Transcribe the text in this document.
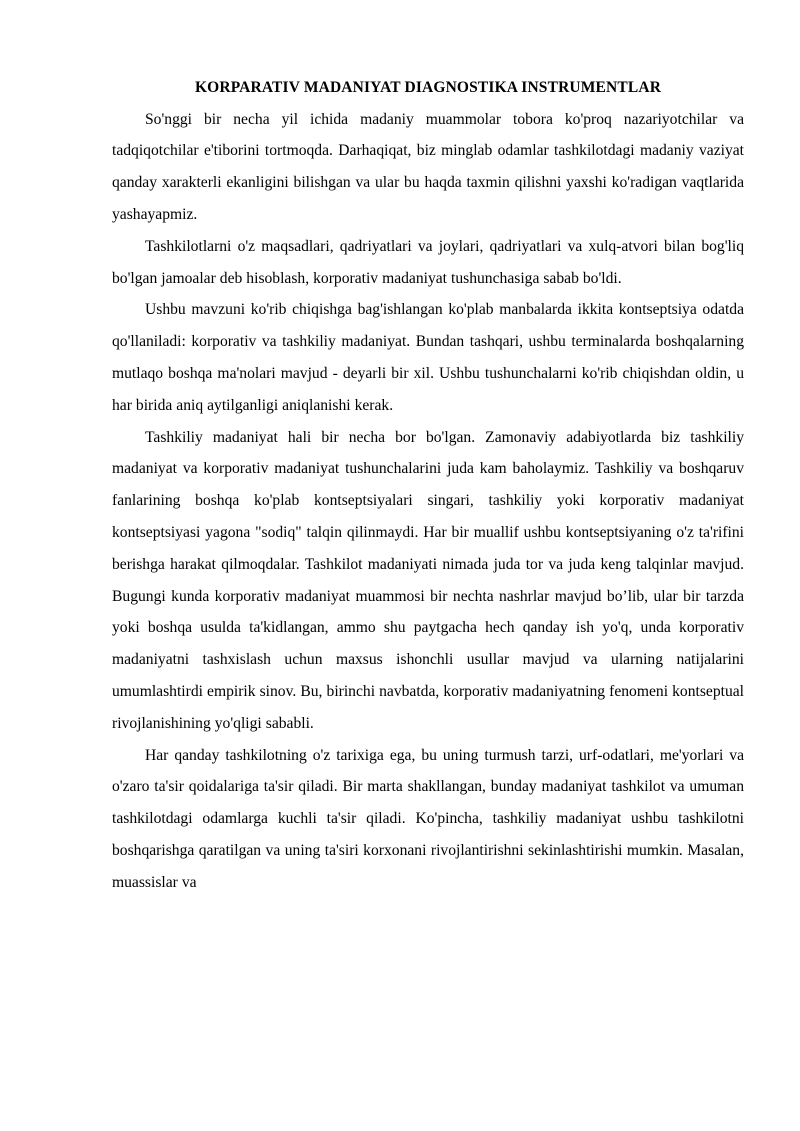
KORPARATIV MADANIYAT DIAGNOSTIKA INSTRUMENTLAR

So'nggi bir necha yil ichida madaniy muammolar tobora ko'proq nazariyotchilar va tadqiqotchilar e'tiborini tortmoqda. Darhaqiqat, biz minglab odamlar tashkilotdagi madaniy vaziyat qanday xarakterli ekanligini bilishgan va ular bu haqda taxmin qilishni yaxshi ko'radigan vaqtlarida yashayapmiz.

Tashkilotlarni o'z maqsadlari, qadriyatlari va joylari, qadriyatlari va xulq-atvori bilan bog'liq bo'lgan jamoalar deb hisoblash, korporativ madaniyat tushunchasiga sabab bo'ldi.

Ushbu mavzuni ko'rib chiqishga bag'ishlangan ko'plab manbalarda ikkita kontseptsiya odatda qo'llaniladi: korporativ va tashkiliy madaniyat. Bundan tashqari, ushbu terminalarda boshqalarning mutlaqo boshqa ma'nolari mavjud - deyarli bir xil. Ushbu tushunchalarni ko'rib chiqishdan oldin, u har birida aniq aytilganligi aniqlanishi kerak.

Tashkiliy madaniyat hali bir necha bor bo'lgan. Zamonaviy adabiyotlarda biz tashkiliy madaniyat va korporativ madaniyat tushunchalarini juda kam baholaymiz. Tashkiliy va boshqaruv fanlarining boshqa ko'plab kontseptsiyalari singari, tashkiliy yoki korporativ madaniyat kontseptsiyasi yagona "sodiq" talqin qilinmaydi. Har bir muallif ushbu kontseptsiyaning o'z ta'rifini berishga harakat qilmoqdalar. Tashkilot madaniyati nimada juda tor va juda keng talqinlar mavjud. Bugungi kunda korporativ madaniyat muammosi bir nechta nashrlar mavjud bo’lib, ular bir tarzda yoki boshqa usulda ta'kidlangan, ammo shu paytgacha hech qanday ish yo'q, unda korporativ madaniyatni tashxislash uchun maxsus ishonchli usullar mavjud va ularning natijalarini umumlashtirdi empirik sinov. Bu, birinchi navbatda, korporativ madaniyatning fenomeni kontseptual rivojlanishining yo'qligi sababli.

Har qanday tashkilotning o'z tarixiga ega, bu uning turmush tarzi, urf-odatlari, me'yorlari va o'zaro ta'sir qoidalariga ta'sir qiladi. Bir marta shakllangan, bunday madaniyat tashkilot va umuman tashkilotdagi odamlarga kuchli ta'sir qiladi. Ko'pincha, tashkiliy madaniyat ushbu tashkilotni boshqarishga qaratilgan va uning ta'siri korxonani rivojlantirishni sekinlashtirishi mumkin. Masalan, muassislar va
